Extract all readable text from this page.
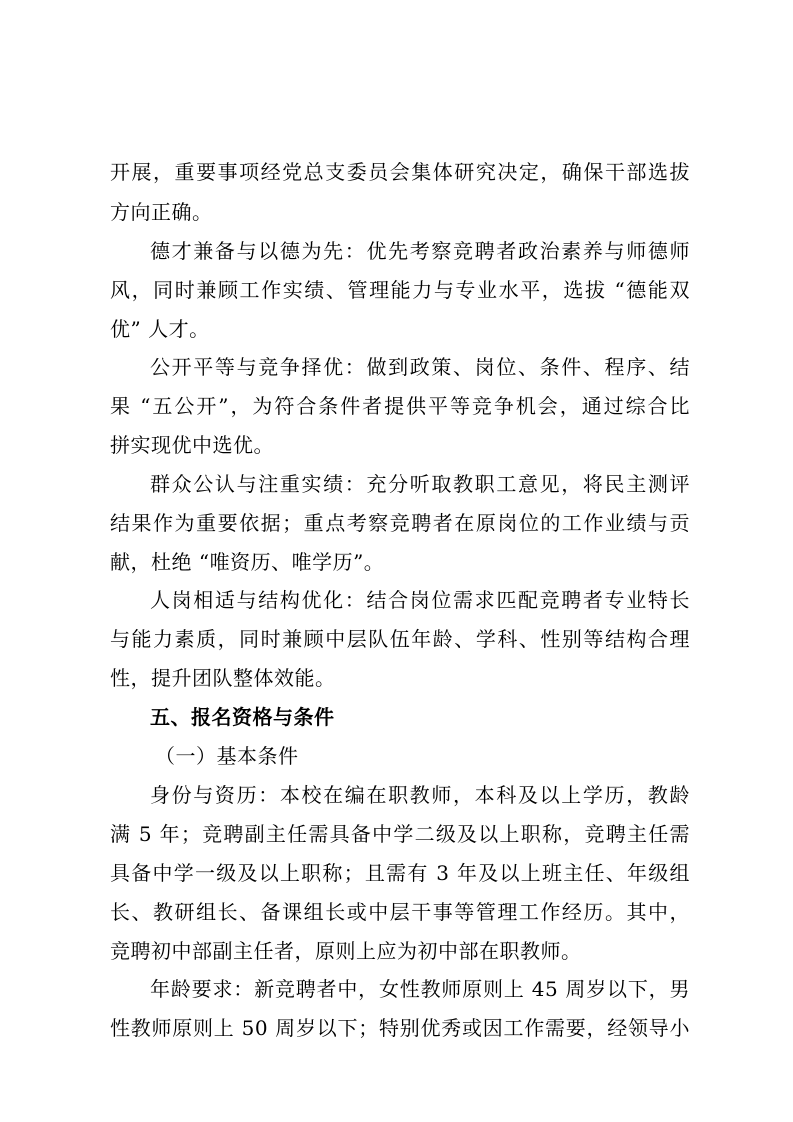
开展，重要事项经党总支委员会集体研究决定，确保干部选拔
方向正确。
德才兼备与以德为先：优先考察竞聘者政治素养与师德师
风，同时兼顾工作实绩、管理能力与专业水平，选拔 “德能双
优” 人才。
公开平等与竞争择优：做到政策、岗位、条件、程序、结
果 “五公开”，为符合条件者提供平等竞争机会，通过综合比
拼实现优中选优。
群众公认与注重实绩：充分听取教职工意见，将民主测评
结果作为重要依据；重点考察竞聘者在原岗位的工作业绩与贡
献，杜绝 “唯资历、唯学历”。
人岗相适与结构优化：结合岗位需求匹配竞聘者专业特长
与能力素质，同时兼顾中层队伍年龄、学科、性别等结构合理
性，提升团队整体效能。
五、报名资格与条件
（一）基本条件
身份与资历：本校在编在职教师，本科及以上学历，教龄
满 5 年；竞聘副主任需具备中学二级及以上职称，竞聘主任需
具备中学一级及以上职称；且需有 3 年及以上班主任、年级组
长、教研组长、备课组长或中层干事等管理工作经历。其中，
竞聘初中部副主任者，原则上应为初中部在职教师。
年龄要求：新竞聘者中，女性教师原则上 45 周岁以下，男
性教师原则上 50 周岁以下；特别优秀或因工作需要，经领导小
